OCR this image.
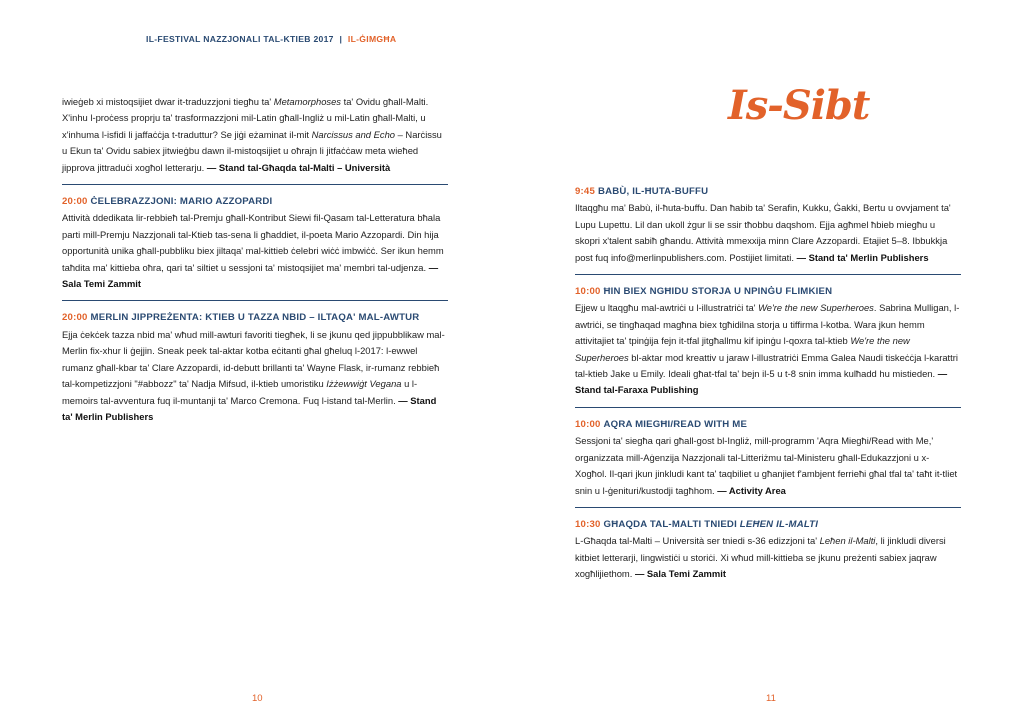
IL-FESTIVAL NAZZJONALI TAL-KTIEB 2017 | IL-ĠIMGĦA
iwieġeb xi mistoqsijiet dwar it-traduzzjoni tiegħu ta' Metamorphoses ta' Ovidu għall-Malti. X'inhu l-proċess proprju ta' trasformazzjoni mil-Latin għall-Ingliż u mil-Latin għall-Malti, u x'inhuma l-isfidi li jaffaċċja t-traduttur? Se jiġi eżaminat il-mit Narcissus and Echo – Narċissu u Ekun ta' Ovidu sabiex jitwieġbu dawn il-mistoqsijiet u oħrajn li jitfaċċaw meta wieħed jipprova jittraduċi xogħol letterarju. — Stand tal-Għaqda tal-Malti – Università
20:00 ĊELEBRAZZJONI: MARIO AZZOPARDI
Attività ddedikata lir-rebbieħ tal-Premju għall-Kontribut Siewi fil-Qasam tal-Letteratura bħala parti mill-Premju Nazzjonali tal-Ktieb tas-sena li għaddiet, il-poeta Mario Azzopardi. Din hija opportunità unika għall-pubbliku biex jiltaqa' mal-kittieb ċelebri wiċċ imbwiċċ. Ser ikun hemm taħdita ma' kittieba oħra, qari ta' siltiet u sessjoni ta' mistoqsijiet ma' membri tal-udjenza. — Sala Temi Zammit
20:00 MERLIN JIPPREŻENTA: KTIEB U TAZZA NBID – ILTAQA' MAL-AWTUR
Ejja ċekċek tazza nbid ma' wħud mill-awturi favoriti tiegħek, li se jkunu qed jippubblikaw mal-Merlin fix-xhur li ġejjin. Sneak peek tal-aktar kotba eċitanti għal għeluq l-2017: l-ewwel rumanz għall-kbar ta' Clare Azzopardi, id-debutt brillanti ta' Wayne Flask, ir-rumanz rebbieħ tal-kompetizzjoni "#abbozz" ta' Nadja Mifsud, il-ktieb umoristiku Iżżewwiġt Vegana u l-memoirs tal-avventura fuq il-muntanji ta' Marco Cremona. Fuq l-istand tal-Merlin. — Stand ta' Merlin Publishers
10
Is-Sibt
9:45 BABÙ, IL-ĦUTA-BUFFU
Iltaqgħu ma' Babù, il-ħuta-buffu. Dan ħabib ta' Serafin, Kukku, Ġakki, Bertu u ovvjament ta' Lupu Lupettu. Lil dan ukoll żgur li se ssir tħobbu daqshom. Ejja agħmel ħbieb miegħu u skopri x'talent sabiħ għandu. Attività mmexxija minn Clare Azzopardi. Etajiet 5–8. Ibbukkja post fuq info@merlinpublishers.com. Postijiet limitati. — Stand ta' Merlin Publishers
10:00 ĦIN BIEX NGĦIDU STORJA U NPINĠU FLIMKIEN
Ejjew u ltaqgħu mal-awtriċi u l-illustratriċi ta' We're the new Superheroes. Sabrina Mulligan, l-awtriċi, se tingħaqad magħna biex tgħidilna storja u tiffirma l-kotba. Wara jkun hemm attivitajiet ta' tpinġija fejn it-tfal jitgħallmu kif ipinġu l-qoxra tal-ktieb We're the new Superheroes bl-aktar mod kreattiv u jaraw l-illustratriċi Emma Galea Naudi tiskeċċja l-karattri tal-ktieb Jake u Emily. Ideali għat-tfal ta' bejn il-5 u t-8 snin imma kulħadd hu mistieden. — Stand tal-Faraxa Publishing
10:00 AQRA MIEGĦI/READ WITH ME
Sessjoni ta' siegħa qari għall-gost bl-Ingliż, mill-programm 'Aqra Miegħi/Read with Me,' organizzata mill-Aġenzija Nazzjonali tal-Litteriżmu tal-Ministeru għall-Edukazzjoni u x-Xogħol. Il-qari jkun jinkludi kant ta' taqbiliet u għanjiet f'ambjent ferrieħi għal tfal ta' taħt it-tliet snin u l-ġenituri/kustodji tagħhom. — Activity Area
10:30 GĦAQDA TAL-MALTI TNIEDI LEĦEN IL-MALTI
L-Għaqda tal-Malti – Università ser tniedi s-36 edizzjoni ta' Leħen il-Malti, li jinkludi diversi kitbiet letterarji, lingwistiċi u storiċi. Xi wħud mill-kittieba se jkunu preżenti sabiex jaqraw xogħlijiethom. — Sala Temi Zammit
11
